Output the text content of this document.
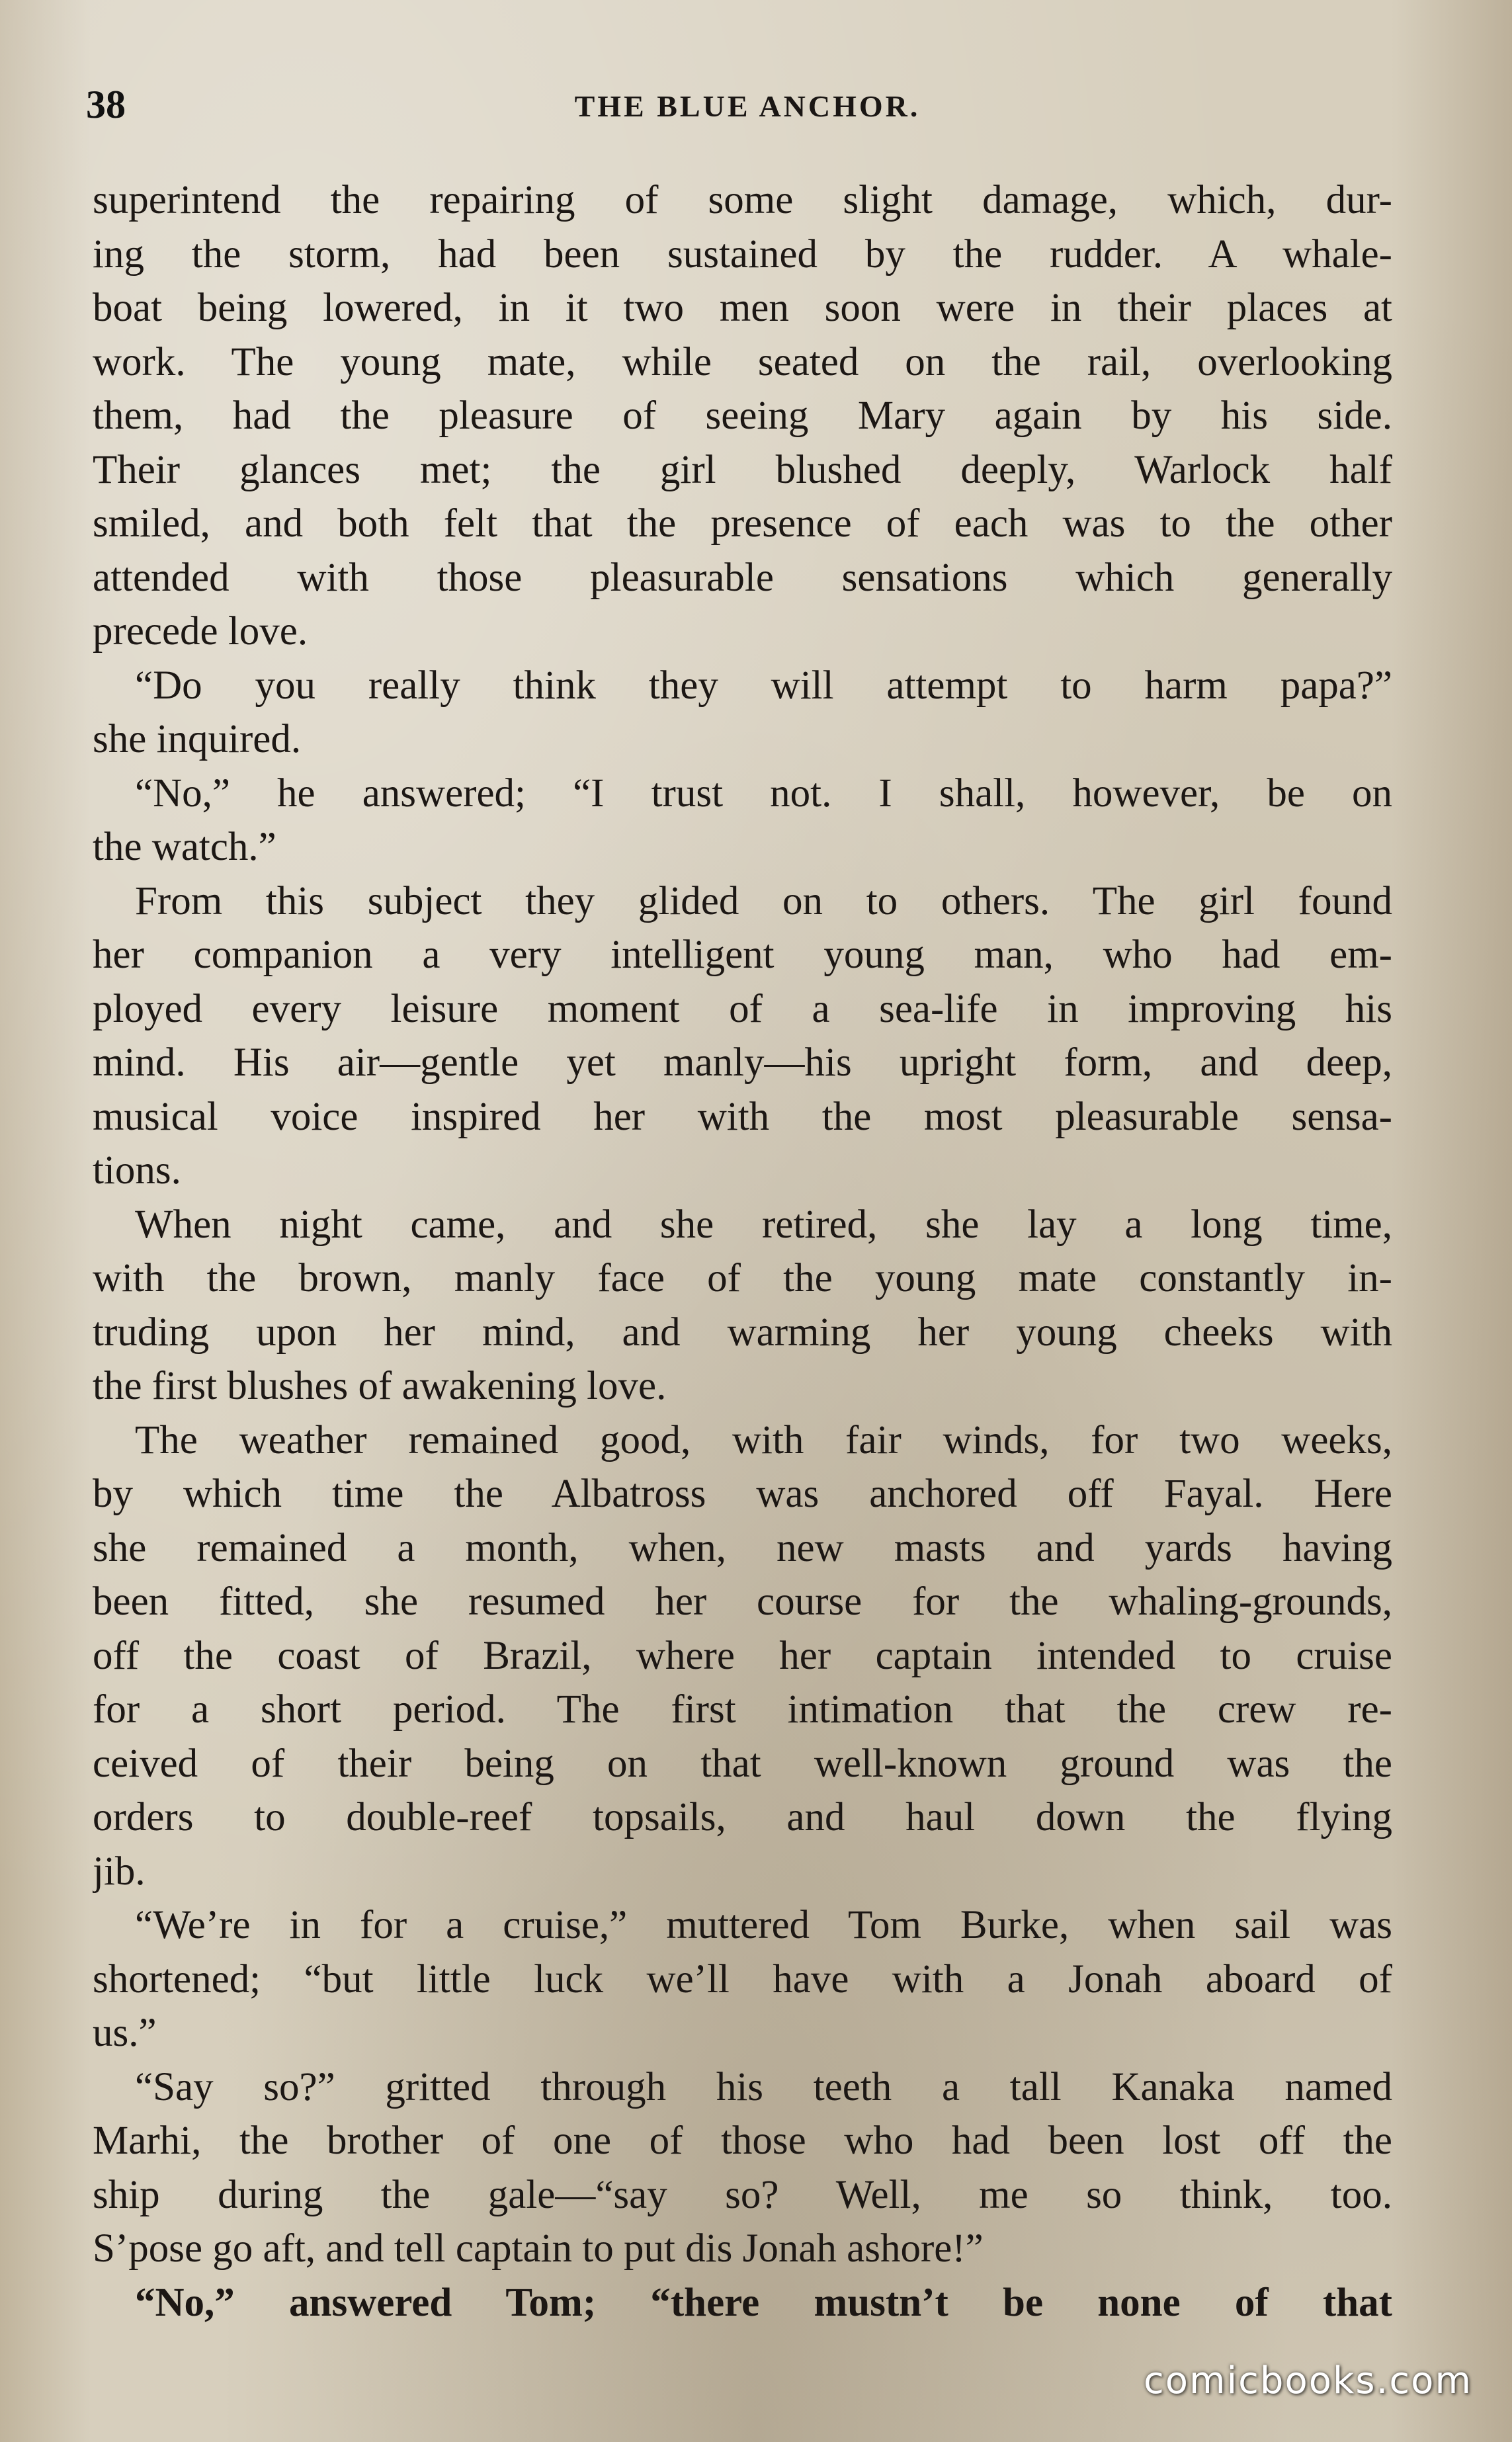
38	THE BLUE ANCHOR.
superintend the repairing of some slight damage, which, dur-
ing the storm, had been sustained by the rudder. A whale-
boat being lowered, in it two men soon were in their places at
work. The young mate, while seated on the rail, overlooking
them, had the pleasure of seeing Mary again by his side.
Their glances met; the girl blushed deeply, Warlock half
smiled, and both felt that the presence of each was to the other
attended with those pleasurable sensations which generally
precede love.
“Do you really think they will attempt to harm papa?”
she inquired.
“No,” he answered; “I trust not. I shall, however, be on
the watch.”
From this subject they glided on to others. The girl found
her companion a very intelligent young man, who had em-
ployed every leisure moment of a sea-life in improving his
mind. His air—gentle yet manly—his upright form, and deep,
musical voice inspired her with the most pleasurable sensa-
tions.
When night came, and she retired, she lay a long time,
with the brown, manly face of the young mate constantly in-
truding upon her mind, and warming her young cheeks with
the first blushes of awakening love.
The weather remained good, with fair winds, for two weeks,
by which time the Albatross was anchored off Fayal. Here
she remained a month, when, new masts and yards having
been fitted, she resumed her course for the whaling-grounds,
off the coast of Brazil, where her captain intended to cruise
for a short period. The first intimation that the crew re-
ceived of their being on that well-known ground was the
orders to double-reef topsails, and haul down the flying
jib.
“We’re in for a cruise,” muttered Tom Burke, when sail was
shortened; “but little luck we’ll have with a Jonah aboard of
us.”
“Say so?” gritted through his teeth a tall Kanaka named
Marhi, the brother of one of those who had been lost off the
ship during the gale—“say so? Well, me so think, too.
S’pose go aft, and tell captain to put dis Jonah ashore!”
“No,” answered Tom; “there mustn’t be none of that
comicbooks.com
